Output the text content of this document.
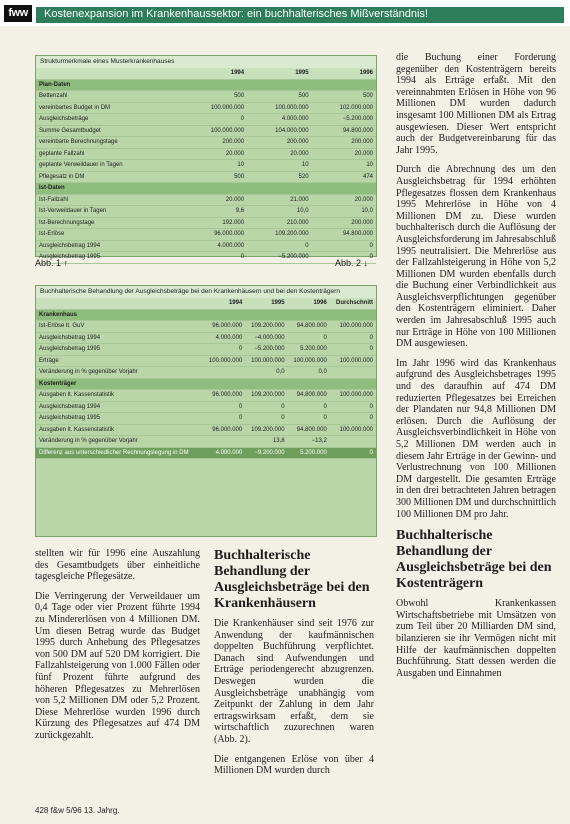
fww	Kostenexpansion im Krankenhaussektor: ein buchhalterisches Mißverständnis!
Strukturmerkmale eines Musterkrankenhauses
	1994	1995	1996
Plan-Daten			
Bettenzahl	500	500	500
vereinbartes Budget in DM	100.000.000	100.000.000	102.000.000
Ausgleichsbeträge	0	4.000.000	−5.200.000
Summe Gesamtbudget	100.000.000	104.000.000	94.800.000
vereinbarte Berechnungstage	200.000	200.000	200.000
geplante Fallzahl	20.000	20.000	20.000
geplante Verweildauer in Tagen	10	10	10
Pflegesatz in DM	500	520	474
Ist-Daten			
Ist-Fallzahl	20.000	21.000	20.000
Ist-Verweildauer in Tagen	9,6	10,0	10,0
Ist-Berechnungstage	192.000	210.000	200.000
Ist-Erlöse	96.000.000	109.200.000	94.800.000
Ausgleichsbetrag 1994	4.000.000	0	0
Ausgleichsbetrag 1995	0	−5.200.000	0
Abb. 1 ↑	Abb. 2 ↓
Buchhalterische Behandlung der Ausgleichsbeträge bei den Krankenhäusern und bei den Kostenträgern
	1994	1995	1996	Durchschnitt
Krankenhaus				
Ist-Erlöse lt. GuV	96.000.000	109.200.000	94.800.000	100.000.000
Ausgleichsbetrag 1994	4.000.000	−4.000.000	0	0
Ausgleichsbetrag 1995	0	−5.200.000	5.200.000	0
Erträge	100.000.000	100.000.000	100.000.000	100.000.000
Veränderung in % gegenüber Vorjahr		0,0	0,0	
Kostenträger				
Ausgaben lt. Kassenstatistik	96.000.000	109.200.000	94.800.000	100.000.000
Ausgleichsbetrag 1994	0	0	0	0
Ausgleichsbetrag 1995	0	0	0	0
Ausgaben lt. Kassenstatistik	96.000.000	109.200.000	94.800.000	100.000.000
Veränderung in % gegenüber Vorjahr		13,8	−13,2	
Differenz aus unterschiedlicher Rechnungslegung in DM	4.000.000	−9.200.000	5.200.000	0

stellten wir für 1996 eine Auszahlung des Gesamtbudgets über einheitliche tagesgleiche Pflegesätze.

Die Verringerung der Verweildauer um 0,4 Tage oder vier Prozent führte 1994 zu Mindererlösen von 4 Millionen DM. Um diesen Betrag wurde das Budget 1995 durch Anhebung des Pflegesatzes von 500 DM auf 520 DM korrigiert. Die Fallzahlsteigerung von 1.000 Fällen oder fünf Prozent führte aufgrund des höheren Pflegesatzes zu Mehrerlösen von 5,2 Millionen DM oder 5,2 Prozent. Diese Mehrerlöse wurden 1996 durch Kürzung des Pflegesatzes auf 474 DM zurückgezahlt.

Buchhalterische Behandlung der Ausgleichsbeträge bei den Krankenhäusern

Die Krankenhäuser sind seit 1976 zur Anwendung der kaufmännischen doppelten Buchführung verpflichtet. Danach sind Aufwendungen und Erträge periodengerecht abzugrenzen. Deswegen wurden die Ausgleichsbeträge unabhängig vom Zeitpunkt der Zahlung in dem Jahr ertragswirksam erfaßt, dem sie wirtschaftlich zuzurechnen waren (Abb. 2).

Die entgangenen Erlöse von über 4 Millionen DM wurden durch

die Buchung einer Forderung gegenüber den Kostenträgern bereits 1994 als Erträge erfaßt. Mit den vereinnahmten Erlösen in Höhe von 96 Millionen DM wurden dadurch insgesamt 100 Millionen DM als Ertrag ausgewiesen. Dieser Wert entspricht auch der Budgetvereinbarung für das Jahr 1995.

Durch die Abrechnung des um den Ausgleichsbetrag für 1994 erhöhten Pflegesatzes flossen dem Krankenhaus 1995 Mehrerlöse in Höhe von 4 Millionen DM zu. Diese wurden buchhalterisch durch die Auflösung der Ausgleichsforderung im Jahresabschluß 1995 neutralisiert. Die Mehrerlöse aus der Fallzahlsteigerung in Höhe von 5,2 Millionen DM wurden ebenfalls durch die Buchung einer Verbindlichkeit aus Ausgleichsverpflichtungen gegenüber den Kostenträgern eliminiert. Daher werden im Jahresabschluß 1995 auch nur Erträge in Höhe von 100 Millionen DM ausgewiesen.

Im Jahr 1996 wird das Krankenhaus aufgrund des Ausgleichsbetrages 1995 und des daraufhin auf 474 DM reduzierten Pflegesatzes bei Erreichen der Plandaten nur 94,8 Millionen DM erlösen. Durch die Auflösung der Ausgleichsverbindlichkeit in Höhe von 5,2 Millionen DM werden auch in diesem Jahr Erträge in der Gewinn- und Verlustrechnung von 100 Millionen DM dargestellt. Die gesamten Erträge in den drei betrachteten Jahren betragen 300 Millionen DM und durchschnittlich 100 Millionen DM pro Jahr.

Buchhalterische Behandlung der Ausgleichsbeträge bei den Kostenträgern

Obwohl Krankenkassen Wirtschaftsbetriebe mit Umsätzen von zum Teil über 20 Milliarden DM sind, bilanzieren sie ihr Vermögen nicht mit Hilfe der kaufmännischen doppelten Buchführung. Statt dessen werden die Ausgaben und Einnahmen

428 f&w 5/96 13. Jahrg.
